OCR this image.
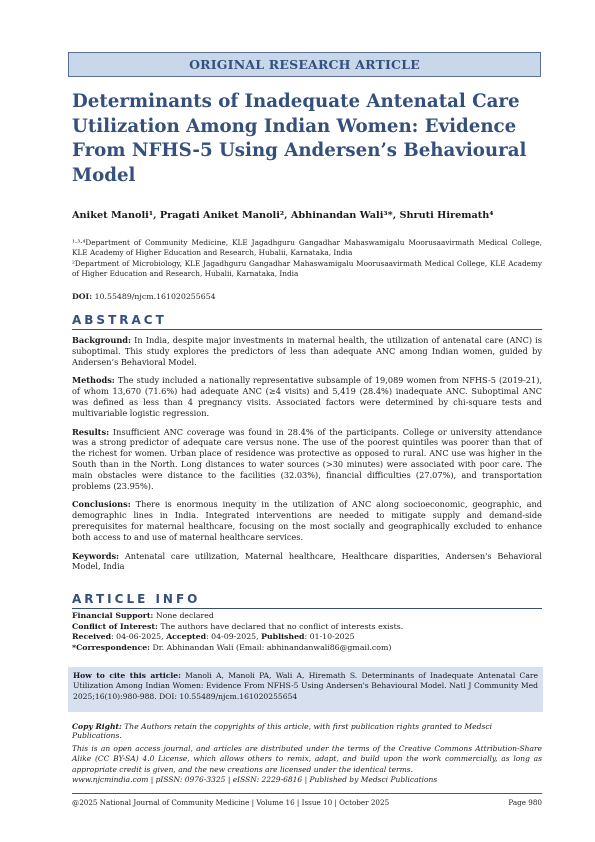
ORIGINAL RESEARCH ARTICLE
Determinants of Inadequate Antenatal Care Utilization Among Indian Women: Evidence From NFHS-5 Using Andersen’s Behavioural Model
Aniket Manoli¹, Pragati Aniket Manoli², Abhinandan Wali³*, Shruti Hiremath⁴

¹·³·⁴Department of Community Medicine, KLE Jagadhguru Gangadhar Mahaswamigalu Moorusaavirmath Medical College, KLE Academy of Higher Education and Research, Hubalii, Karnataka, India

²Department of Microbiology, KLE Jagadhguru Gangadhar Mahaswamigalu Moorusaavirmath Medical College, KLE Academy of Higher Education and Research, Hubalii, Karnataka, India

DOI: 10.55489/njcm.161020255654
ABSTRACT

Background: In India, despite major investments in maternal health, the utilization of antenatal care (ANC) is suboptimal. This study explores the predictors of less than adequate ANC among Indian women, guided by Andersen’s Behavioral Model.

Methods: The study included a nationally representative subsample of 19,089 women from NFHS-5 (2019-21), of whom 13,670 (71.6%) had adequate ANC (≥4 visits) and 5,419 (28.4%) inadequate ANC. Suboptimal ANC was defined as less than 4 pregnancy visits. Associated factors were determined by chi-square tests and multivariable logistic regression.

Results: Insufficient ANC coverage was found in 28.4% of the participants. College or university attendance was a strong predictor of adequate care versus none. The use of the poorest quintiles was poorer than that of the richest for women. Urban place of residence was protective as opposed to rural. ANC use was higher in the South than in the North. Long distances to water sources (>30 minutes) were associated with poor care. The main obstacles were distance to the facilities (32.03%), financial difficulties (27.07%), and transportation problems (23.95%).

Conclusions: There is enormous inequity in the utilization of ANC along socioeconomic, geographic, and demographic lines in India. Integrated interventions are needed to mitigate supply and demand-side prerequisites for maternal healthcare, focusing on the most socially and geographically excluded to enhance both access to and use of maternal healthcare services.

Keywords: Antenatal care utilization, Maternal healthcare, Healthcare disparities, Andersen's Behavioral Model, India

ARTICLE INFO

Financial Support: None declared

Conflict of Interest: The authors have declared that no conflict of interests exists.

Received: 04-06-2025, Accepted: 04-09-2025, Published: 01-10-2025

*Correspondence: Dr. Abhinandan Wali (Email: abhinandanwali86@gmail.com)

How to cite this article: Manoli A, Manoli PA, Wali A, Hiremath S. Determinants of Inadequate Antenatal Care Utilization Among Indian Women: Evidence From NFHS-5 Using Andersen's Behavioural Model. Natl J Community Med 2025;16(10):980-988. DOI: 10.55489/njcm.161020255654
Copy Right: The Authors retain the copyrights of this article, with first publication rights granted to Medsci Publications.
This is an open access journal, and articles are distributed under the terms of the Creative Commons Attribution-Share Alike (CC BY-SA) 4.0 License, which allows others to remix, adapt, and build upon the work commercially, as long as appropriate credit is given, and the new creations are licensed under the identical terms.
www.njcmindia.com | pISSN: 0976-3325 | eISSN: 2229-6816 | Published by Medsci Publications
@2025 National Journal of Community Medicine | Volume 16 | Issue 10 | October 2025	Page 980
